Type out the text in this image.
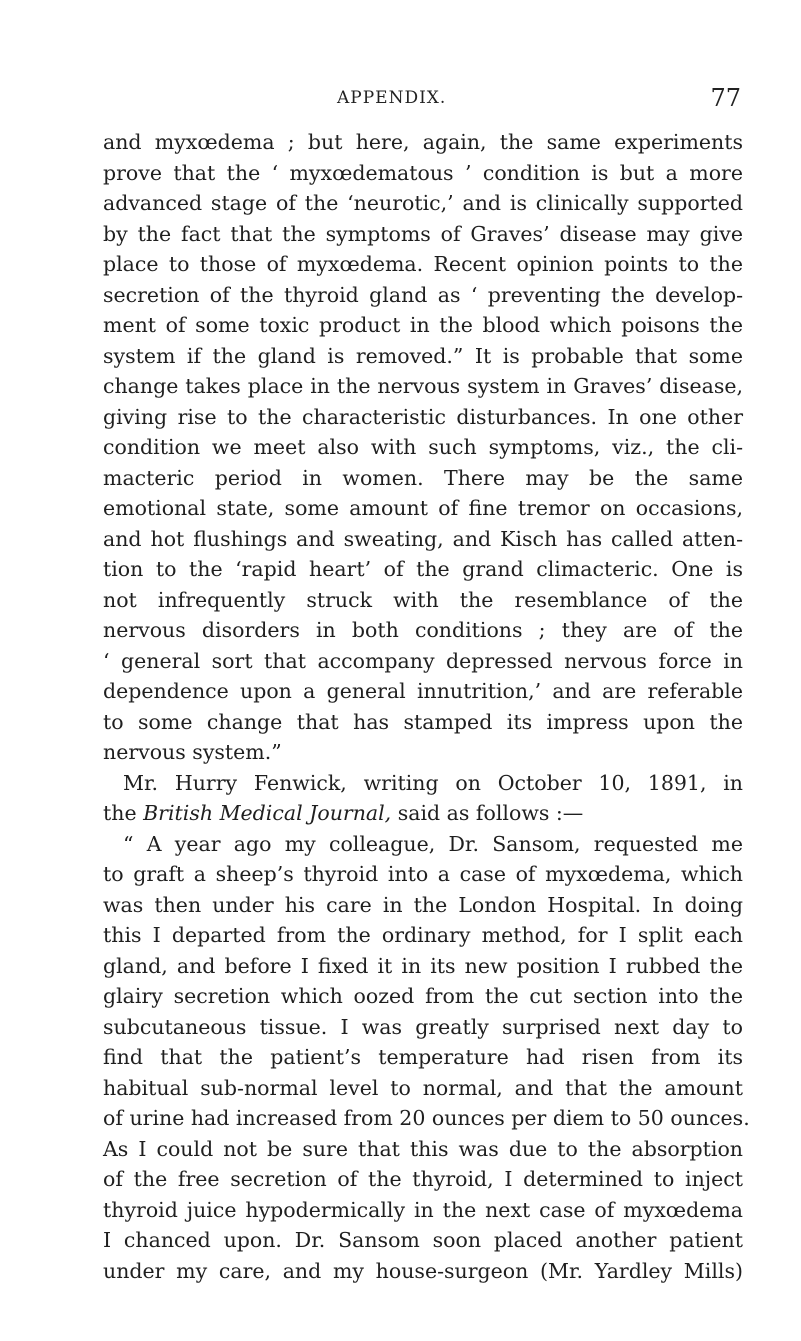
APPENDIX.	77
and myxœdema ; but here, again, the same experiments
prove that the ‘ myxœdematous ’ condition is but a more
advanced stage of the ‘neurotic,’ and is clinically supported
by the fact that the symptoms of Graves’ disease may give
place to those of myxœdema. Recent opinion points to the
secretion of the thyroid gland as ‘ preventing the develop-
ment of some toxic product in the blood which poisons the
system if the gland is removed.” It is probable that some
change takes place in the nervous system in Graves’ disease,
giving rise to the characteristic disturbances. In one other
condition we meet also with such symptoms, viz., the cli-
macteric period in women. There may be the same
emotional state, some amount of fine tremor on occasions,
and hot flushings and sweating, and Kisch has called atten-
tion to the ‘rapid heart’ of the grand climacteric. One is
not infrequently struck with the resemblance of the
nervous disorders in both conditions ; they are of the
‘ general sort that accompany depressed nervous force in
dependence upon a general innutrition,’ and are referable
to some change that has stamped its impress upon the
nervous system.”
Mr. Hurry Fenwick, writing on October 10, 1891, in
the British Medical Journal, said as follows :—
“ A year ago my colleague, Dr. Sansom, requested me
to graft a sheep’s thyroid into a case of myxœdema, which
was then under his care in the London Hospital. In doing
this I departed from the ordinary method, for I split each
gland, and before I fixed it in its new position I rubbed the
glairy secretion which oozed from the cut section into the
subcutaneous tissue. I was greatly surprised next day to
find that the patient’s temperature had risen from its
habitual sub-normal level to normal, and that the amount
of urine had increased from 20 ounces per diem to 50 ounces.
As I could not be sure that this was due to the absorption
of the free secretion of the thyroid, I determined to inject
thyroid juice hypodermically in the next case of myxœdema
I chanced upon. Dr. Sansom soon placed another patient
under my care, and my house-surgeon (Mr. Yardley Mills)
